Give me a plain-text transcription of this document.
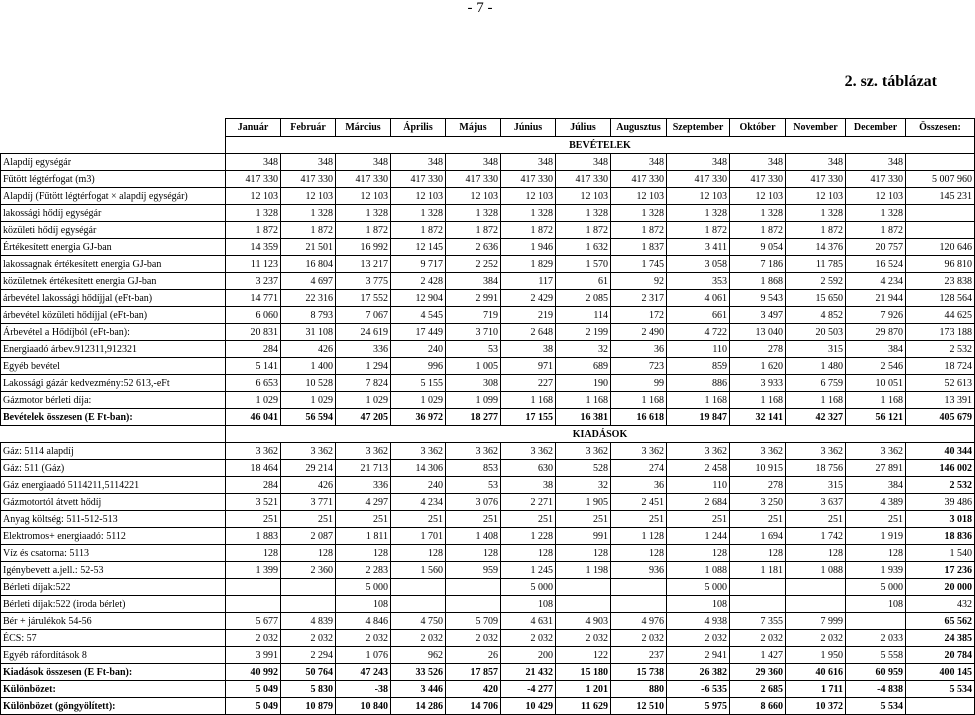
- 7 -
2. sz. táblázat
	Január	Február	Március	Április	Május	Június	Július	Augusztus	Szeptember	Október	November	December	Összesen:
	BEVÉTELEK												
Alapdíj egységár	348	348	348	348	348	348	348	348	348	348	348	348	
Fűtött légtérfogat (m3)	417 330	417 330	417 330	417 330	417 330	417 330	417 330	417 330	417 330	417 330	417 330	417 330	5 007 960
Alapdíj (Fűtött légtérfogat × alapdíj egységár)	12 103	12 103	12 103	12 103	12 103	12 103	12 103	12 103	12 103	12 103	12 103	12 103	145 231
lakossági hődíj egységár	1 328	1 328	1 328	1 328	1 328	1 328	1 328	1 328	1 328	1 328	1 328	1 328	
közületi hődíj egységár	1 872	1 872	1 872	1 872	1 872	1 872	1 872	1 872	1 872	1 872	1 872	1 872	
Értékesített energia GJ-ban	14 359	21 501	16 992	12 145	2 636	1 946	1 632	1 837	3 411	9 054	14 376	20 757	120 646
lakossagnak értékesített energia GJ-ban	11 123	16 804	13 217	9 717	2 252	1 829	1 570	1 745	3 058	7 186	11 785	16 524	96 810
közületnek értékesített energia GJ-ban	3 237	4 697	3 775	2 428	384	117	61	92	353	1 868	2 592	4 234	23 838
árbevétel lakossági hődíjjal (eFt-ban)	14 771	22 316	17 552	12 904	2 991	2 429	2 085	2 317	4 061	9 543	15 650	21 944	128 564
árbevétel közületi hődíjjal (eFt-ban)	6 060	8 793	7 067	4 545	719	219	114	172	661	3 497	4 852	7 926	44 625
Árbevétel a Hődíjból (eFt-ban):	20 831	31 108	24 619	17 449	3 710	2 648	2 199	2 490	4 722	13 040	20 503	29 870	173 188
Energiaadó árbev.912311,912321	284	426	336	240	53	38	32	36	110	278	315	384	2 532
Egyéb bevétel	5 141	1 400	1 294	996	1 005	971	689	723	859	1 620	1 480	2 546	18 724
Lakossági gázár kedvezmény:52 613,-eFt	6 653	10 528	7 824	5 155	308	227	190	99	886	3 933	6 759	10 051	52 613
Gázmotor bérleti díja:	1 029	1 029	1 029	1 029	1 099	1 168	1 168	1 168	1 168	1 168	1 168	1 168	13 391
Bevételek összesen (E Ft-ban):	46 041	56 594	47 205	36 972	18 277	17 155	16 381	16 618	19 847	32 141	42 327	56 121	405 679
	KIADÁSOK												
Gáz: 5114 alapdíj	3 362	3 362	3 362	3 362	3 362	3 362	3 362	3 362	3 362	3 362	3 362	3 362	40 344
Gáz: 511 (Gáz)	18 464	29 214	21 713	14 306	853	630	528	274	2 458	10 915	18 756	27 891	146 002
Gáz energiaadó 5114211,5114221	284	426	336	240	53	38	32	36	110	278	315	384	2 532
Gázmotortól átvett hődíj	3 521	3 771	4 297	4 234	3 076	2 271	1 905	2 451	2 684	3 250	3 637	4 389	39 486
Anyag költség: 511-512-513	251	251	251	251	251	251	251	251	251	251	251	251	3 018
Elektromos+ energiaadó: 5112	1 883	2 087	1 811	1 701	1 408	1 228	991	1 128	1 244	1 694	1 742	1 919	18 836
Víz és csatorna: 5113	128	128	128	128	128	128	128	128	128	128	128	128	1 540
Igénybevett a.jell.: 52-53	1 399	2 360	2 283	1 560	959	1 245	1 198	936	1 088	1 181	1 088	1 939	17 236
Bérleti díjak:522			5 000			5 000			5 000			5 000	20 000
Bérleti díjak:522 (iroda bérlet)			108			108			108			108	432
Bér + járulékok 54-56	5 677	4 839	4 846	4 750	5 709	4 631	4 903	4 976	4 938	7 355	7 999		65 562
ÉCS: 57	2 032	2 032	2 032	2 032	2 032	2 032	2 032	2 032	2 032	2 032	2 032	2 033	24 385
Egyéb ráfordítások 8	3 991	2 294	1 076	962	26	200	122	237	2 941	1 427	1 950	5 558	20 784
Kiadások összesen (E Ft-ban):	40 992	50 764	47 243	33 526	17 857	21 432	15 180	15 738	26 382	29 360	40 616	60 959	400 145
Különbözet:	5 049	5 830	-38	3 446	420	-4 277	1 201	880	-6 535	2 685	1 711	-4 838	5 534
Különbözet (göngyölített):	5 049	10 879	10 840	14 286	14 706	10 429	11 629	12 510	5 975	8 660	10 372	5 534	
